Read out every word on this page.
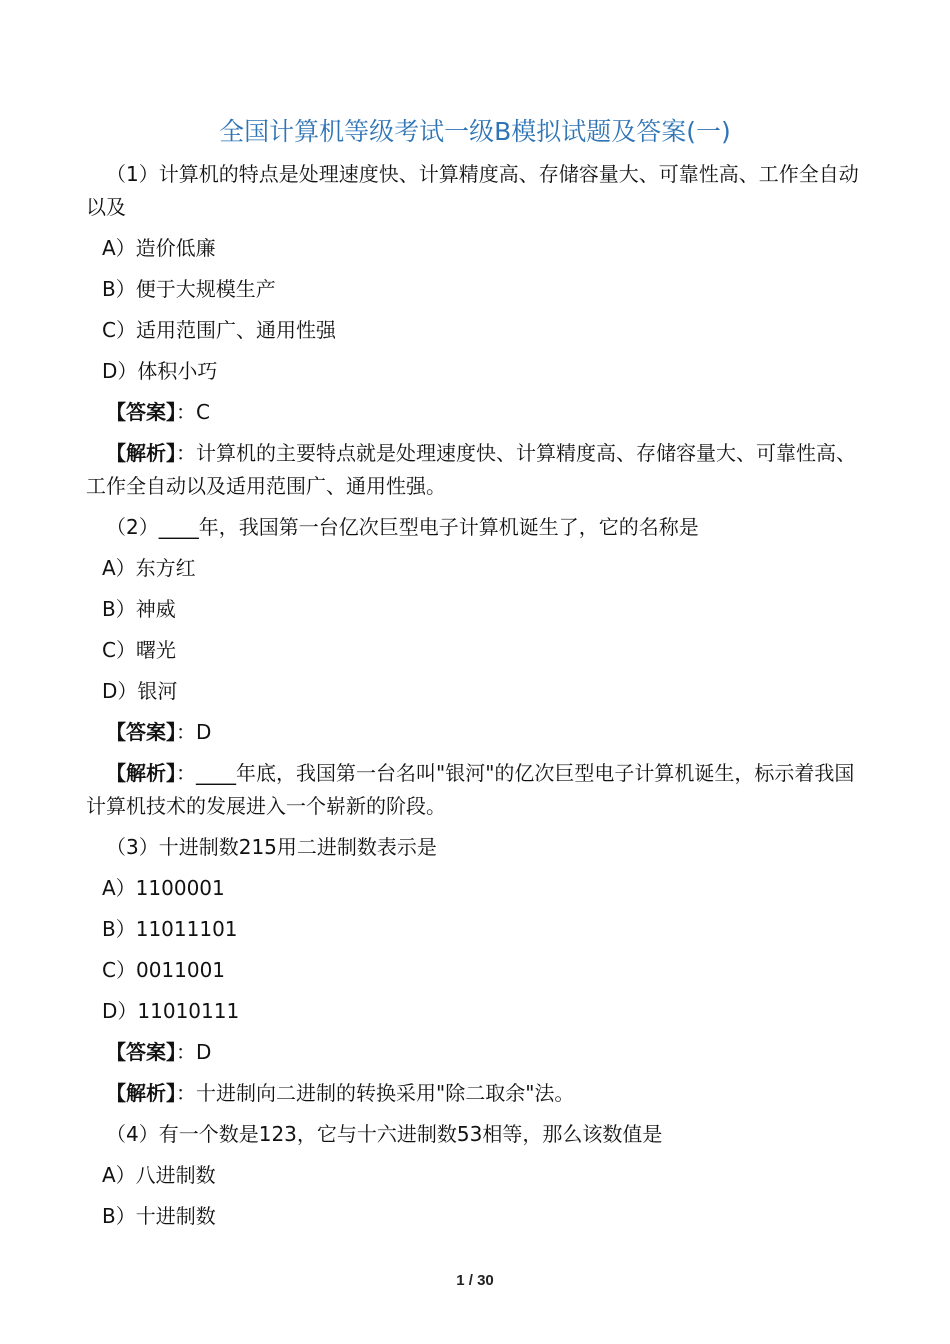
全国计算机等级考试一级B模拟试题及答案(一)

（1）计算机的特点是处理速度快、计算精度高、存储容量大、可靠性高、工作全自动以及

A）造价低廉
B）便于大规模生产
C）适用范围广、通用性强
D）体积小巧

【答案】：C

【解析】：计算机的主要特点就是处理速度快、计算精度高、存储容量大、可靠性高、工作全自动以及适用范围广、通用性强。

（2）____年，我国第一台亿次巨型电子计算机诞生了，它的名称是

A）东方红
B）神威
C）曙光
D）银河

【答案】：D

【解析】：____年底，我国第一台名叫"银河"的亿次巨型电子计算机诞生，标示着我国计算机技术的发展进入一个崭新的阶段。

（3）十进制数215用二进制数表示是

A）1100001
B）11011101
C）0011001
D）11010111

【答案】：D

【解析】：十进制向二进制的转换采用"除二取余"法。

（4）有一个数是123，它与十六进制数53相等，那么该数值是

A）八进制数
B）十进制数
1 / 30
